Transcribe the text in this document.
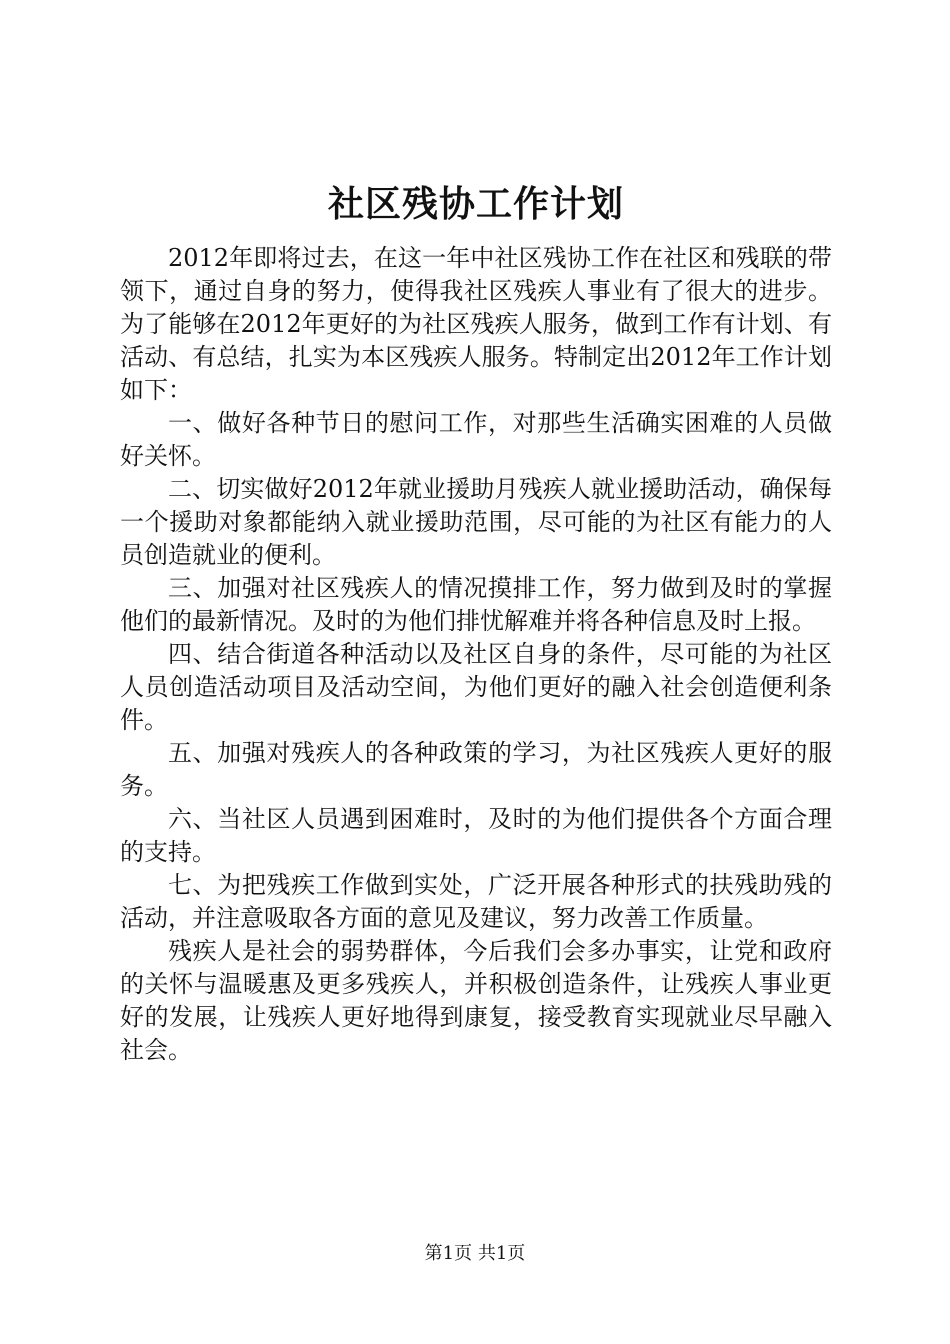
社区残协工作计划

2012年即将过去，在这一年中社区残协工作在社区和残联的带领下，通过自身的努力，使得我社区残疾人事业有了很大的进步。为了能够在2012年更好的为社区残疾人服务，做到工作有计划、有活动、有总结，扎实为本区残疾人服务。特制定出2012年工作计划如下：

一、做好各种节日的慰问工作，对那些生活确实困难的人员做好关怀。

二、切实做好2012年就业援助月残疾人就业援助活动，确保每一个援助对象都能纳入就业援助范围，尽可能的为社区有能力的人员创造就业的便利。

三、加强对社区残疾人的情况摸排工作，努力做到及时的掌握他们的最新情况。及时的为他们排忧解难并将各种信息及时上报。

四、结合街道各种活动以及社区自身的条件，尽可能的为社区人员创造活动项目及活动空间，为他们更好的融入社会创造便利条件。

五、加强对残疾人的各种政策的学习，为社区残疾人更好的服务。

六、当社区人员遇到困难时，及时的为他们提供各个方面合理的支持。

七、为把残疾工作做到实处，广泛开展各种形式的扶残助残的活动，并注意吸取各方面的意见及建议，努力改善工作质量。

残疾人是社会的弱势群体，今后我们会多办事实，让党和政府的关怀与温暖惠及更多残疾人，并积极创造条件，让残疾人事业更好的发展，让残疾人更好地得到康复，接受教育实现就业尽早融入社会。

第1页 共1页
